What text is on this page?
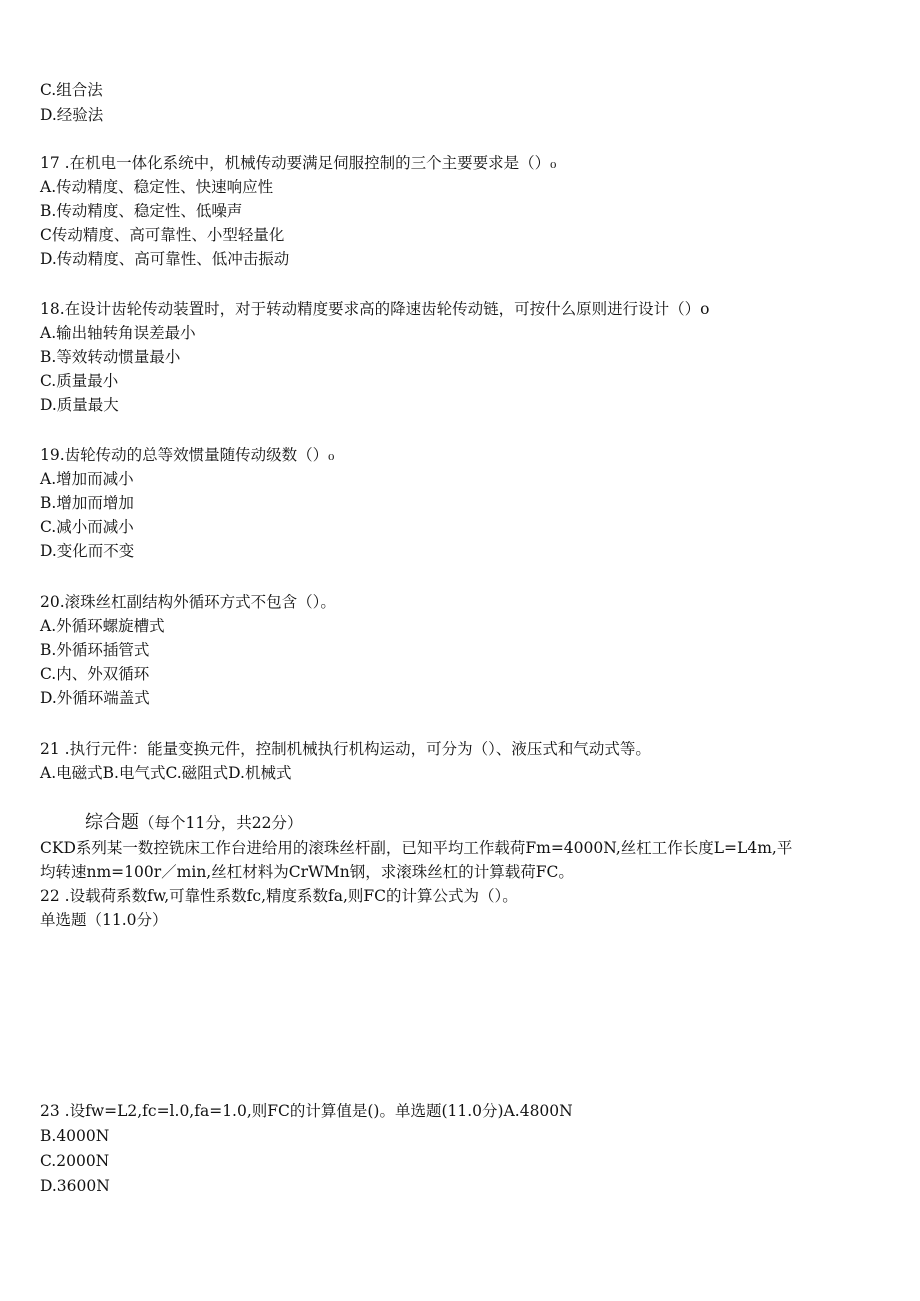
C.组合法
D.经验法
17 .在机电一体化系统中，机械传动要满足伺服控制的三个主要要求是（）₀
A.传动精度、稳定性、快速响应性
B.传动精度、稳定性、低噪声
C传动精度、高可靠性、小型轻量化
D.传动精度、高可靠性、低冲击振动
18.在设计齿轮传动装置时，对于转动精度要求高的降速齿轮传动链，可按什么原则进行设计（）o
A.输出轴转角误差最小
B.等效转动惯量最小
C.质量最小
D.质量最大
19.齿轮传动的总等效惯量随传动级数（）₀
A.增加而减小
B.增加而增加
C.减小而减小
D.变化而不变
20.滚珠丝杠副结构外循环方式不包含（）。
A.外循环螺旋槽式
B.外循环插管式
C.内、外双循环
D.外循环端盖式
21 .执行元件：能量变换元件，控制机械执行机构运动，可分为（）、液压式和气动式等。
A.电磁式B.电气式C.磁阻式D.机械式
综合题（每个11分，共22分）
CKD系列某一数控铣床工作台进给用的滚珠丝杆副，已知平均工作载荷Fm=4000N,丝杠工作长度L=L4m,平
均转速nm=100r／min,丝杠材料为CrWMn钢，求滚珠丝杠的计算载荷FC。
22 .设载荷系数fw,可靠性系数fc,精度系数fa,则FC的计算公式为（）。
单选题（11.0分）
23 .设fw=L2,fc=l.0,fa=1.0,则FC的计算值是()。单选题(11.0分)A.4800N
B.4000N
C.2000N
D.3600N
